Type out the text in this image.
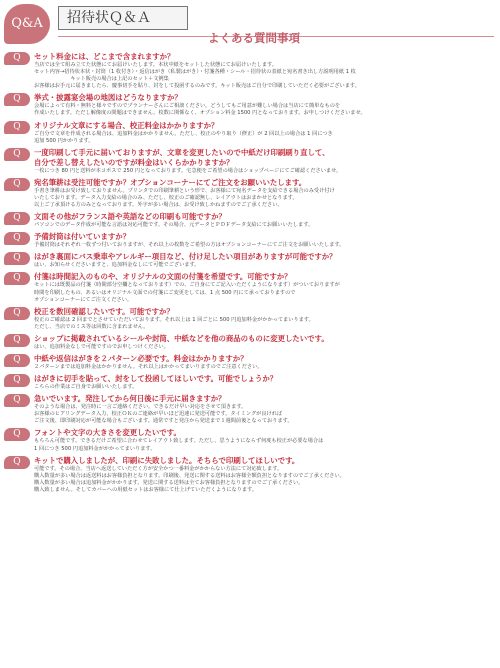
Q&A	招待状Ｑ＆Ａ
よくある質問事項
Q	セット料金には、どこまで含まれますか？
当店では全て組み立てた状態にてお届けいたします。本状中紙をセットした状態にてお届けいたします。
セット内容→招待状本状・封筒（1 枚付き）・返信はがき（私製はがき）・付箋各種・シール・招待状の表紙と宛名書き出し方説明用紙 1 枚
　　　　　　　キット販売の場合は上記のセット＋文例集
お客様はお手元に届きましたら、慶事切手を貼り、封をして投函するのみです。キット販売はご自分で印刷していただく必要がございます。
Q	挙式・披露宴会場の地図はどうなりますか？
会場によって有料・無料と様々ですのでプランナーさんにご相談ください。どうしてもご用意が難しい場合は当店にて簡単なものを
作成いたします。ただし解像度の問題はできません。枚数に関係なく、オプション料金 1500 円となっております。お申しつけくださいませ。
Q	オリジナル文章にする場合、校正料金はかかりますか？
ご自分で文章を作成される場合は、追加料金はかかりません。ただし、校正のやり取り（修正）が 2 回以上の場合は 1 回につき
追加 500 円かかります。
Q	一度印刷して手元に届いておりますが、文章を変更したいので中紙だけ印刷刷り直して、
自分で差し替えしたいのですが料金はいくらかかりますか？
一枚につき 80 円と送料が本コポスで 250 円となっております。宅急便をご希望の場合はショップページにてご確認くださいませ。
Q	宛名筆耕は受注可能ですか？オプションコーナーにてご注文をお願いいたします。
手書き筆耕はお受け致しておりません。プリンタでの印刷筆耕という形で、お客様にて宛名データを支給できる場合のみ受け付け
いたしております。データ入力支給の場合のみ、ただし、校正のご確認無し、レイアウトはおまかせとなります。
以上ご了承頂ける方のみとなっております。外字が多い場合は、お受け致しかねますのでご了承ください。
Q	文面その他がフランス語や英語などの印刷も可能ですか？
パソコンでのデータ作成が可能な言語は対応可能です。その場合、元データとＰＤＦデータ支給にてお願いいたします。
Q	予備封筒は付いていますか？
予備封筒はそれぞれ一枚ずつ付いておりますが、それ以上の枚数をご希望の方はオプションコーナーにてご注文をお願いいたします。
Q	はがき裏面にバス乗車やアレルギー項目など、付け足したい項目がありますが可能ですか？
はい、お知らせくださいますと、追加料金なしにて可能でございます。
Q	付箋は時間記入のものや、オリジナルの文面の付箋を希望です。可能ですか？
セットには既製品の付箋（時間部分空欄となっております）での、ご自身にてご記入いただくようになります）がついておりますが
時間を印刷したもの、あるいはオリジナル文面での付箋にご変更をしては、1 点 500 円にて承っておりますので
オプションコーナーにてご注文ください。
Q	校正を数回確認したいです。可能ですか？
校正のご確認は 2 回までとさせていただいております。それ以上は 1 回ごとに 500 円追加料金がかかってまいります。
ただし、当店でのミス等は回数に含まれません。
Q	ショップに掲載されているシールや封筒、中紙などを他の商品のものに変更したいです。
はい、追加料金なしで可能ですのでお申しつけください。
Q	中紙や返信はがきを２パターン必要です。料金はかかりますか？
２パターンまでは追加料金はかかりません。それ以上はかかってまいりますのでご注意ください。
Q	はがきに切手を貼って、封をして投函してほしいです。可能でしょうか？
こちらの作業はご自身でお願いいたします。
Q	急いでいます。発注してから何日後に手元に届きますか？
そのような場合は、発注時に一言ご連絡ください。できるだけ早い対応をさせて頂きます。
お客様のヒアリングデータ入力、校正ＯＫのご連絡が早いほど迅速に発送可能です。タイミングが良ければ
ご注文後、即印刷対応が可能な場合もございます。通常ですと発注から発送まで１週間前後となっております。
Q	フォントや文字の大きさを変更したいです。
もちろん可能です。できるだけご希望に合わせてレイアウト致します。ただし、思うようにならず何度も校正が必要な場合は
1 回につき 500 円追加料金がかかってまいります。
Q	キットで購入しましたが、印刷に失敗しました。そちらで印刷してほしいです。
可能です。その場合、当店へ返送していただく方が安全かつ一番料金がかからない方法にて対応致します。
購入数量が多い場合は返送料はお客様負担となります。印刷後、発送に関する送料はお客様全額負担となりますのでご了承ください。
購入数量が多い場合は追加料金がかかります。発送に関する送料は全てお客様負担となりますのでご了承ください。
購入致しません。そしてカバーへの用紙セットはお客様にて仕上げていただくようになります。
